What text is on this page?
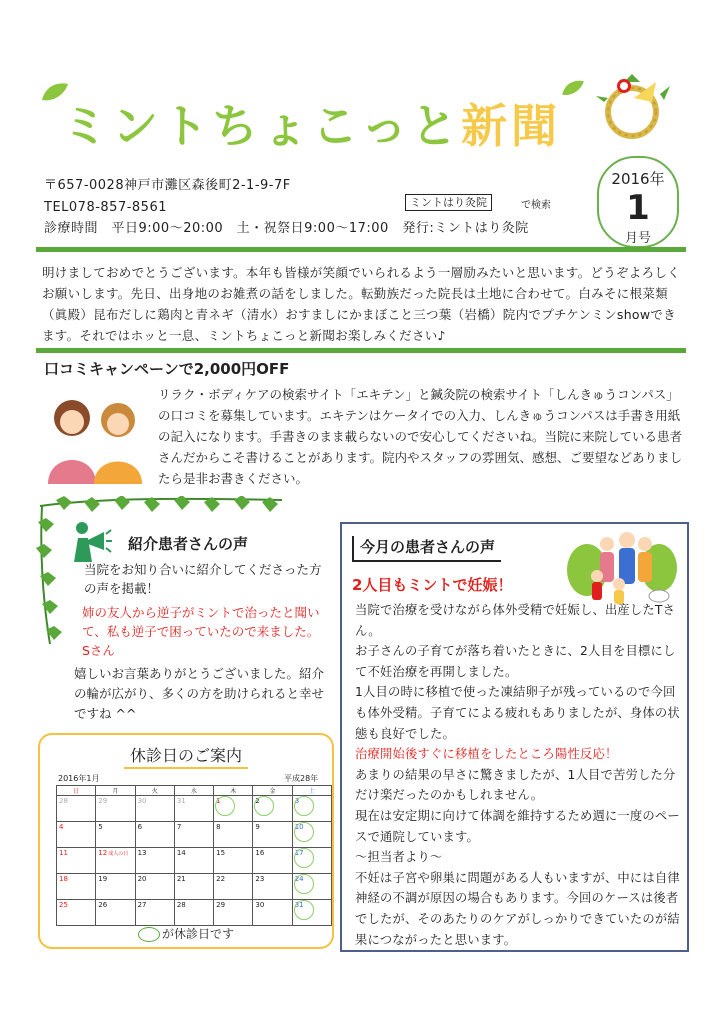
ミントちょこっと新聞
2016年
1
月号
〒657-0028神戸市灘区森後町2-1-9-7F
TEL078-857-8561
診療時間　平日9:00～20:00　土・祝祭日9:00～17:00　発行:ミントはり灸院
ミントはり灸院	で検索
明けましておめでとうございます。本年も皆様が笑顔でいられるよう一層励みたいと思います。どうぞよろしくお願いします。先日、出身地のお雑煮の話をしました。転勤族だった院長は土地に合わせて。白みそに根菜類（眞殿）昆布だしに鶏肉と青ネギ（清水）おすましにかまぼこと三つ葉（岩橋）院内でプチケンミンshowできます。それではホッと一息、ミントちょこっと新聞お楽しみください♪
口コミキャンペーンで2,000円OFF
リラク・ボディケアの検索サイト「エキテン」と鍼灸院の検索サイト「しんきゅうコンパス」の口コミを募集しています。エキテンはケータイでの入力、しんきゅうコンパスは手書き用紙の記入になります。手書きのまま載らないので安心してくださいね。当院に来院している患者さんだからこそ書けることがあります。院内やスタッフの雰囲気、感想、ご要望などありましたら是非お書きください。
紹介患者さんの声
当院をお知り合いに紹介してくださった方の声を掲載！
姉の友人から逆子がミントで治ったと聞いて、私も逆子で困っていたので来ました。Sさん
嬉しいお言葉ありがとうございました。紹介の輪が広がり、多くの方を助けられると幸せですね ^^
休診日のご案内
2016年1月	平成28年
日	月	火	水	木	金	土
28	29	30	31	1	2	3
4	5	6	7	8	9	10
11	12 成人の日	13	14	15	16	17
18	19	20	21	22	23	24
25	26	27	28	29	30	31
が休診日です
今月の患者さんの声
2人目もミントで妊娠！
当院で治療を受けながら体外受精で妊娠し、出産したTさん。
お子さんの子育てが落ち着いたときに、2人目を目標にして不妊治療を再開しました。
1人目の時に移植で使った凍結卵子が残っているので今回も体外受精。子育てによる疲れもありましたが、身体の状態も良好でした。
治療開始後すぐに移植をしたところ陽性反応！
あまりの結果の早さに驚きましたが、1人目で苦労した分だけ楽だったのかもしれません。
現在は安定期に向けて体調を維持するため週に一度のペースで通院しています。
～担当者より～
不妊は子宮や卵巣に問題がある人もいますが、中には自律神経の不調が原因の場合もあります。今回のケースは後者でしたが、そのあたりのケアがしっかりできていたのが結果につながったと思います。
